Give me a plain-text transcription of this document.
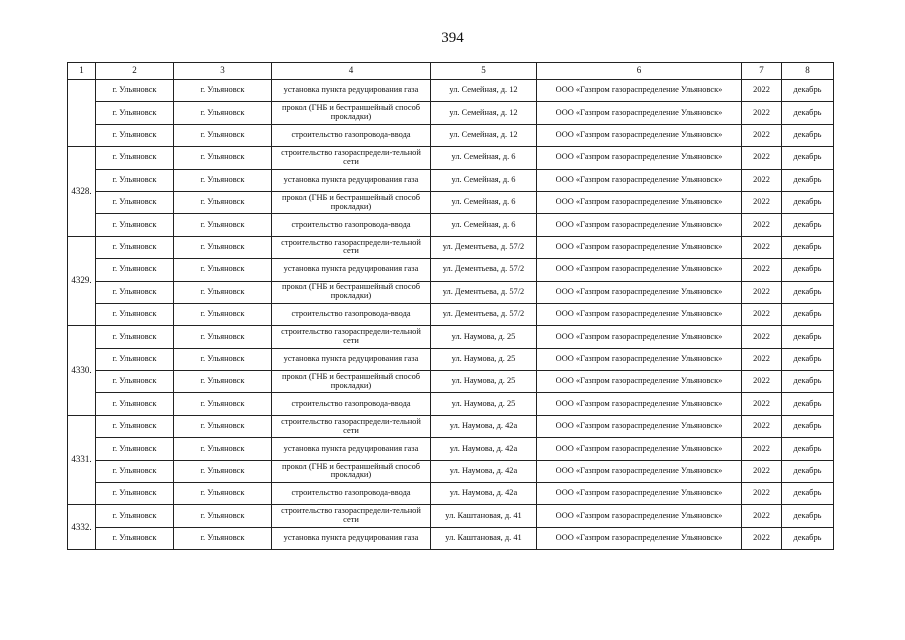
394
1	2	3	4	5	6	7	8
	г. Ульяновск	г. Ульяновск	установка пункта редуцирования газа	ул. Семейная, д. 12	ООО «Газпром газораспределение Ульяновск»	2022	декабрь
	г. Ульяновск	г. Ульяновск	прокол (ГНБ и бестраншейный способ прокладки)	ул. Семейная, д. 12	ООО «Газпром газораспределение Ульяновск»	2022	декабрь
	г. Ульяновск	г. Ульяновск	строительство газопровода-ввода	ул. Семейная, д. 12	ООО «Газпром газораспределение Ульяновск»	2022	декабрь
4328.	г. Ульяновск	г. Ульяновск	строительство газораспредели-тельной сети	ул. Семейная, д. 6	ООО «Газпром газораспределение Ульяновск»	2022	декабрь
	г. Ульяновск	г. Ульяновск	установка пункта редуцирования газа	ул. Семейная, д. 6	ООО «Газпром газораспределение Ульяновск»	2022	декабрь
	г. Ульяновск	г. Ульяновск	прокол (ГНБ и бестраншейный способ прокладки)	ул. Семейная, д. 6	ООО «Газпром газораспределение Ульяновск»	2022	декабрь
	г. Ульяновск	г. Ульяновск	строительство газопровода-ввода	ул. Семейная, д. 6	ООО «Газпром газораспределение Ульяновск»	2022	декабрь
4329.	г. Ульяновск	г. Ульяновск	строительство газораспредели-тельной сети	ул. Дементьева, д. 57/2	ООО «Газпром газораспределение Ульяновск»	2022	декабрь
	г. Ульяновск	г. Ульяновск	установка пункта редуцирования газа	ул. Дементьева, д. 57/2	ООО «Газпром газораспределение Ульяновск»	2022	декабрь
	г. Ульяновск	г. Ульяновск	прокол (ГНБ и бестраншейный способ прокладки)	ул. Дементьева, д. 57/2	ООО «Газпром газораспределение Ульяновск»	2022	декабрь
	г. Ульяновск	г. Ульяновск	строительство газопровода-ввода	ул. Дементьева, д. 57/2	ООО «Газпром газораспределение Ульяновск»	2022	декабрь
4330.	г. Ульяновск	г. Ульяновск	строительство газораспредели-тельной сети	ул. Наумова, д. 25	ООО «Газпром газораспределение Ульяновск»	2022	декабрь
	г. Ульяновск	г. Ульяновск	установка пункта редуцирования газа	ул. Наумова, д. 25	ООО «Газпром газораспределение Ульяновск»	2022	декабрь
	г. Ульяновск	г. Ульяновск	прокол (ГНБ и бестраншейный способ прокладки)	ул. Наумова, д. 25	ООО «Газпром газораспределение Ульяновск»	2022	декабрь
	г. Ульяновск	г. Ульяновск	строительство газопровода-ввода	ул. Наумова, д. 25	ООО «Газпром газораспределение Ульяновск»	2022	декабрь
4331.	г. Ульяновск	г. Ульяновск	строительство газораспредели-тельной сети	ул. Наумова, д. 42а	ООО «Газпром газораспределение Ульяновск»	2022	декабрь
	г. Ульяновск	г. Ульяновск	установка пункта редуцирования газа	ул. Наумова, д. 42а	ООО «Газпром газораспределение Ульяновск»	2022	декабрь
	г. Ульяновск	г. Ульяновск	прокол (ГНБ и бестраншейный способ прокладки)	ул. Наумова, д. 42а	ООО «Газпром газораспределение Ульяновск»	2022	декабрь
	г. Ульяновск	г. Ульяновск	строительство газопровода-ввода	ул. Наумова, д. 42а	ООО «Газпром газораспределение Ульяновск»	2022	декабрь
4332.	г. Ульяновск	г. Ульяновск	строительство газораспредели-тельной сети	ул. Каштановая, д. 41	ООО «Газпром газораспределение Ульяновск»	2022	декабрь
	г. Ульяновск	г. Ульяновск	установка пункта редуцирования газа	ул. Каштановая, д. 41	ООО «Газпром газораспределение Ульяновск»	2022	декабрь
